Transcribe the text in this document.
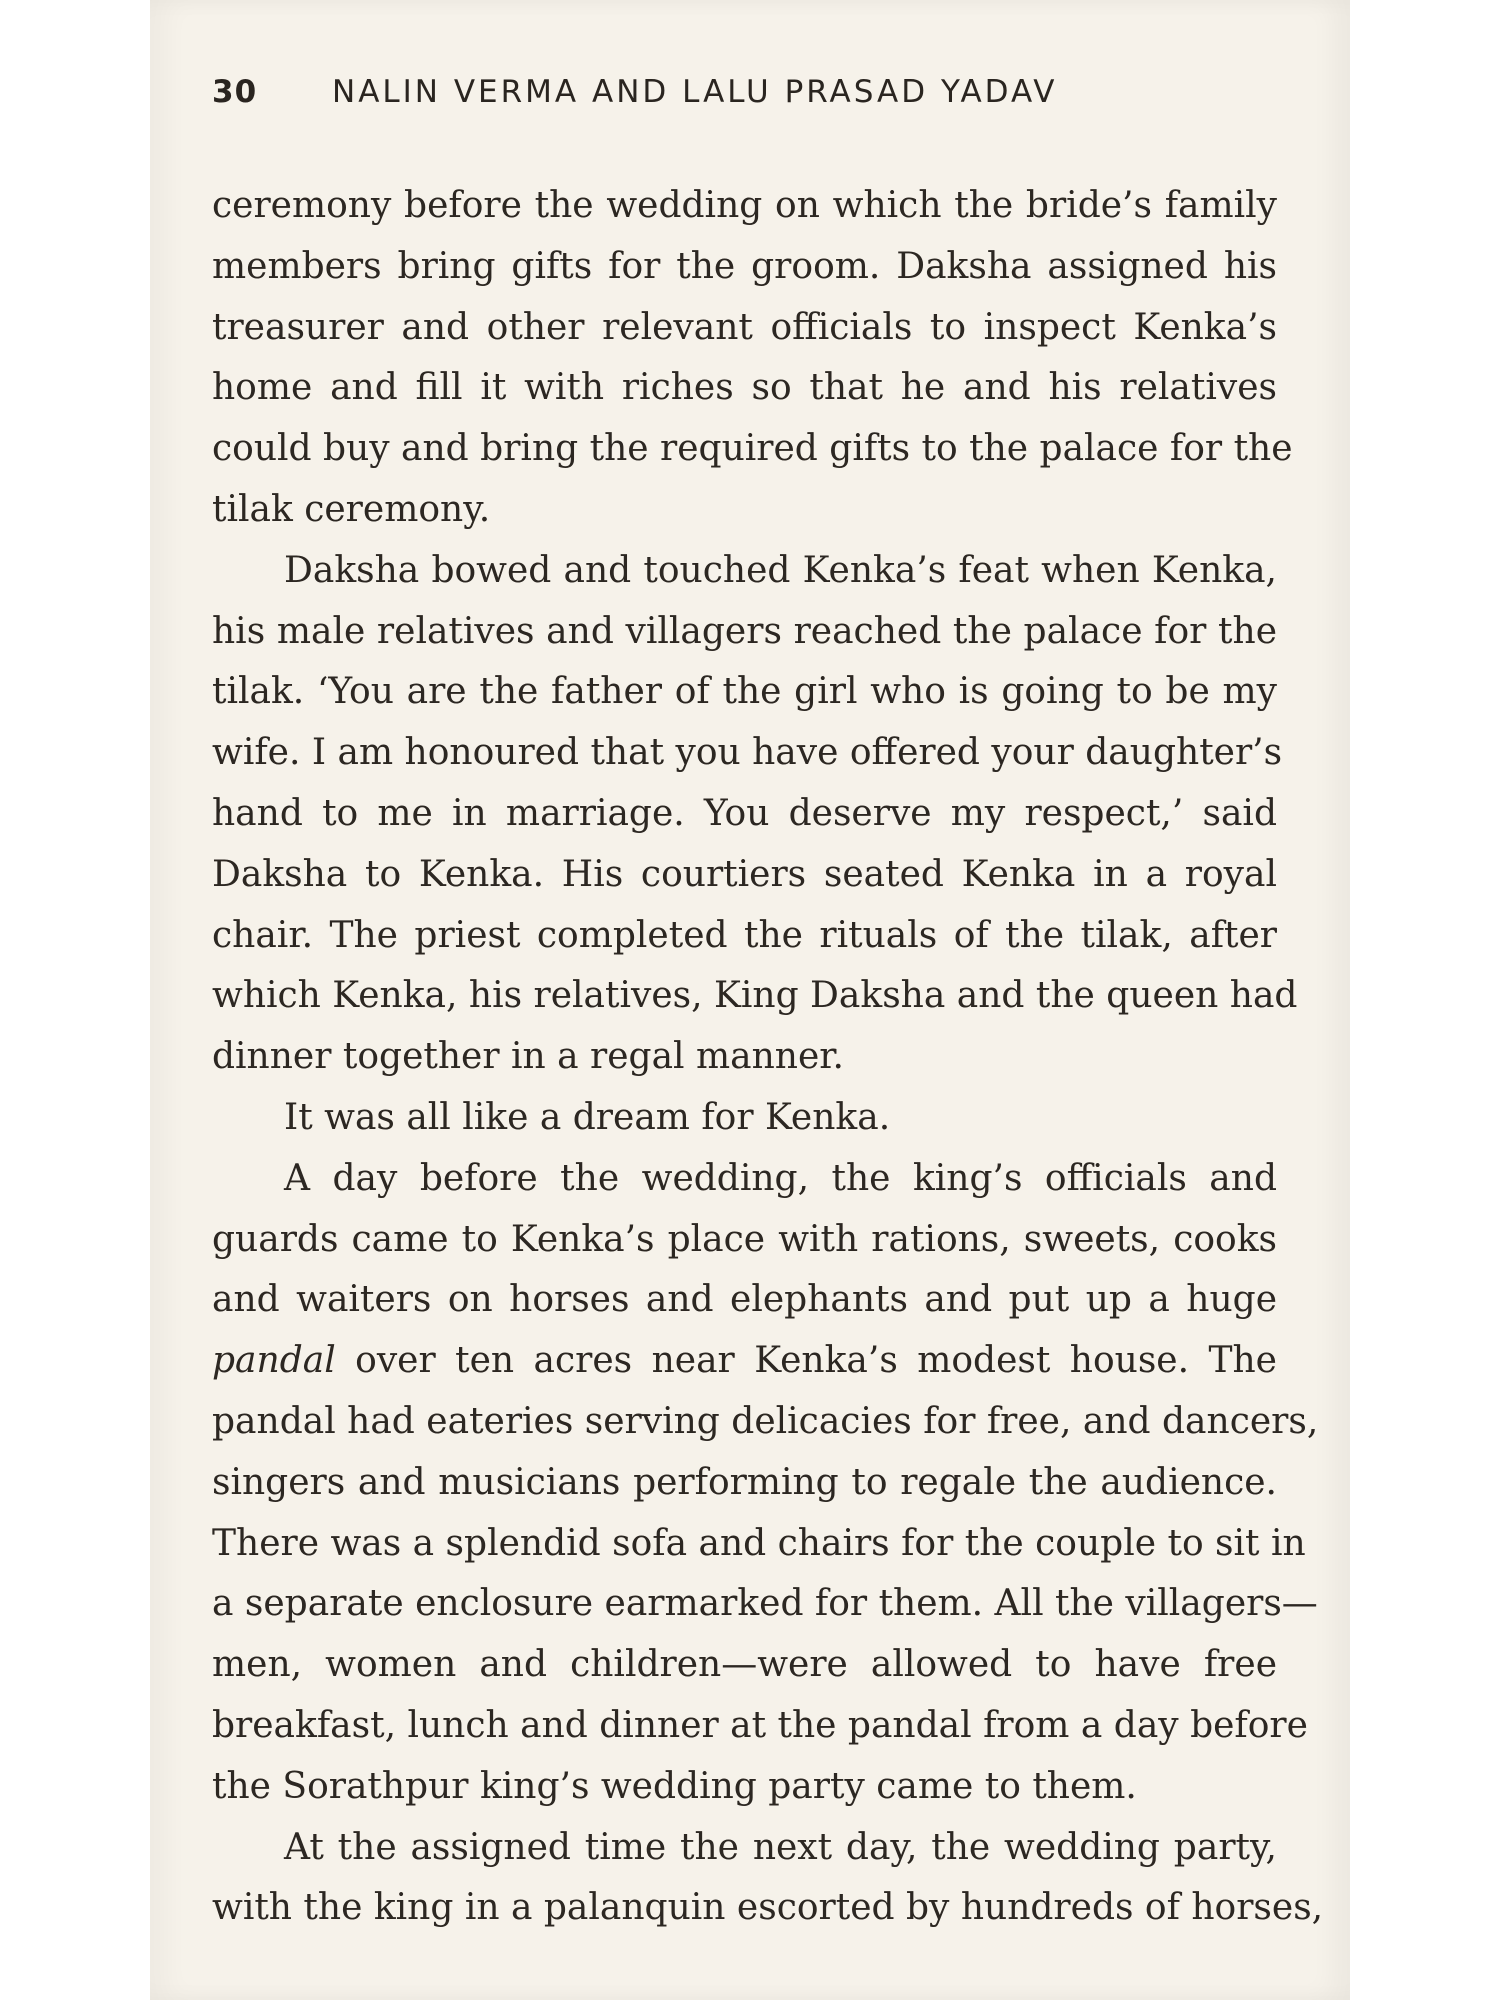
30 NALIN VERMA AND LALU PRASAD YADAV
ceremony before the wedding on which the bride’s family
members bring gifts for the groom. Daksha assigned his
treasurer and other relevant officials to inspect Kenka’s
home and fill it with riches so that he and his relatives
could buy and bring the required gifts to the palace for the
tilak ceremony.
Daksha bowed and touched Kenka’s feat when Kenka,
his male relatives and villagers reached the palace for the
tilak. ‘You are the father of the girl who is going to be my
wife. I am honoured that you have offered your daughter’s
hand to me in marriage. You deserve my respect,’ said
Daksha to Kenka. His courtiers seated Kenka in a royal
chair. The priest completed the rituals of the tilak, after
which Kenka, his relatives, King Daksha and the queen had
dinner together in a regal manner.
It was all like a dream for Kenka.
A day before the wedding, the king’s officials and
guards came to Kenka’s place with rations, sweets, cooks
and waiters on horses and elephants and put up a huge
pandal over ten acres near Kenka’s modest house. The
pandal had eateries serving delicacies for free, and dancers,
singers and musicians performing to regale the audience.
There was a splendid sofa and chairs for the couple to sit in
a separate enclosure earmarked for them. All the villagers—
men, women and children—were allowed to have free
breakfast, lunch and dinner at the pandal from a day before
the Sorathpur king’s wedding party came to them.
At the assigned time the next day, the wedding party,
with the king in a palanquin escorted by hundreds of horses,
